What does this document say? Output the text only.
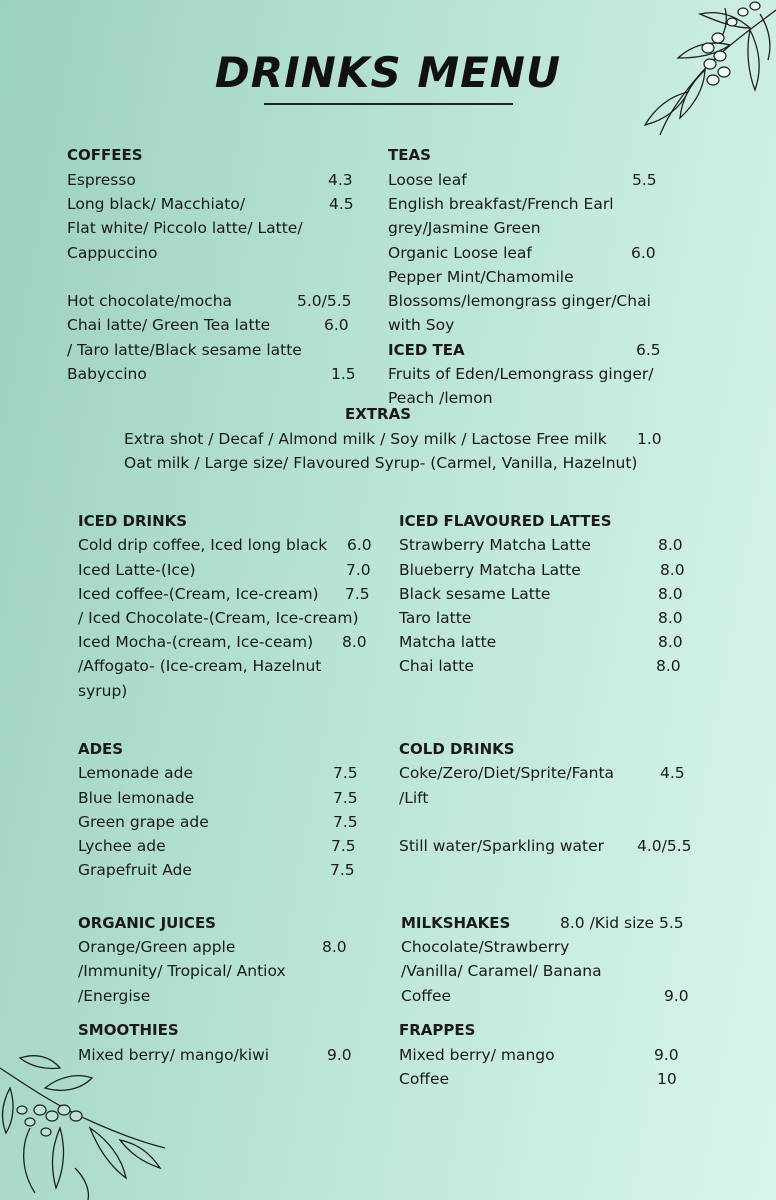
DRINKS MENU
COFFEES
Espresso	4.3
Long black/ Macchiato/	4.5
Flat white/ Piccolo latte/ Latte/
Cappuccino
Hot chocolate/mocha	5.0/5.5
Chai latte/ Green Tea latte	6.0
/ Taro latte/Black sesame latte
Babyccino	1.5
TEAS
Loose leaf	5.5
English breakfast/French Earl
grey/Jasmine Green
Organic Loose leaf	6.0
Pepper Mint/Chamomile
Blossoms/lemongrass ginger/Chai
with Soy
ICED TEA	6.5
Fruits of Eden/Lemongrass ginger/
Peach /lemon
EXTRAS
Extra shot / Decaf / Almond milk / Soy milk / Lactose Free milk 1.0
Oat milk / Large size/ Flavoured Syrup- (Carmel, Vanilla, Hazelnut)
ICED DRINKS
Cold drip coffee, Iced long black 6.0
Iced Latte-(Ice)	7.0
Iced coffee-(Cream, Ice-cream) 7.5
/ Iced Chocolate-(Cream, Ice-cream)
Iced Mocha-(cream, Ice-ceam) 8.0
/Affogato- (Ice-cream, Hazelnut
syrup)
ICED FLAVOURED LATTES
Strawberry Matcha Latte	8.0
Blueberry Matcha Latte	8.0
Black sesame Latte	8.0
Taro latte	8.0
Matcha latte	8.0
Chai latte	8.0
ADES
Lemonade ade	7.5
Blue lemonade	7.5
Green grape ade	7.5
Lychee ade	7.5
Grapefruit Ade	7.5
COLD DRINKS
Coke/Zero/Diet/Sprite/Fanta	4.5
/Lift
Still water/Sparkling water 4.0/5.5
ORGANIC JUICES
Orange/Green apple	8.0
/Immunity/ Tropical/ Antiox
/Energise
MILKSHAKES	8.0 /Kid size 5.5
Chocolate/Strawberry
/Vanilla/ Caramel/ Banana
Coffee	9.0
SMOOTHIES
Mixed berry/ mango/kiwi	9.0
FRAPPES
Mixed berry/ mango	9.0
Coffee	10
